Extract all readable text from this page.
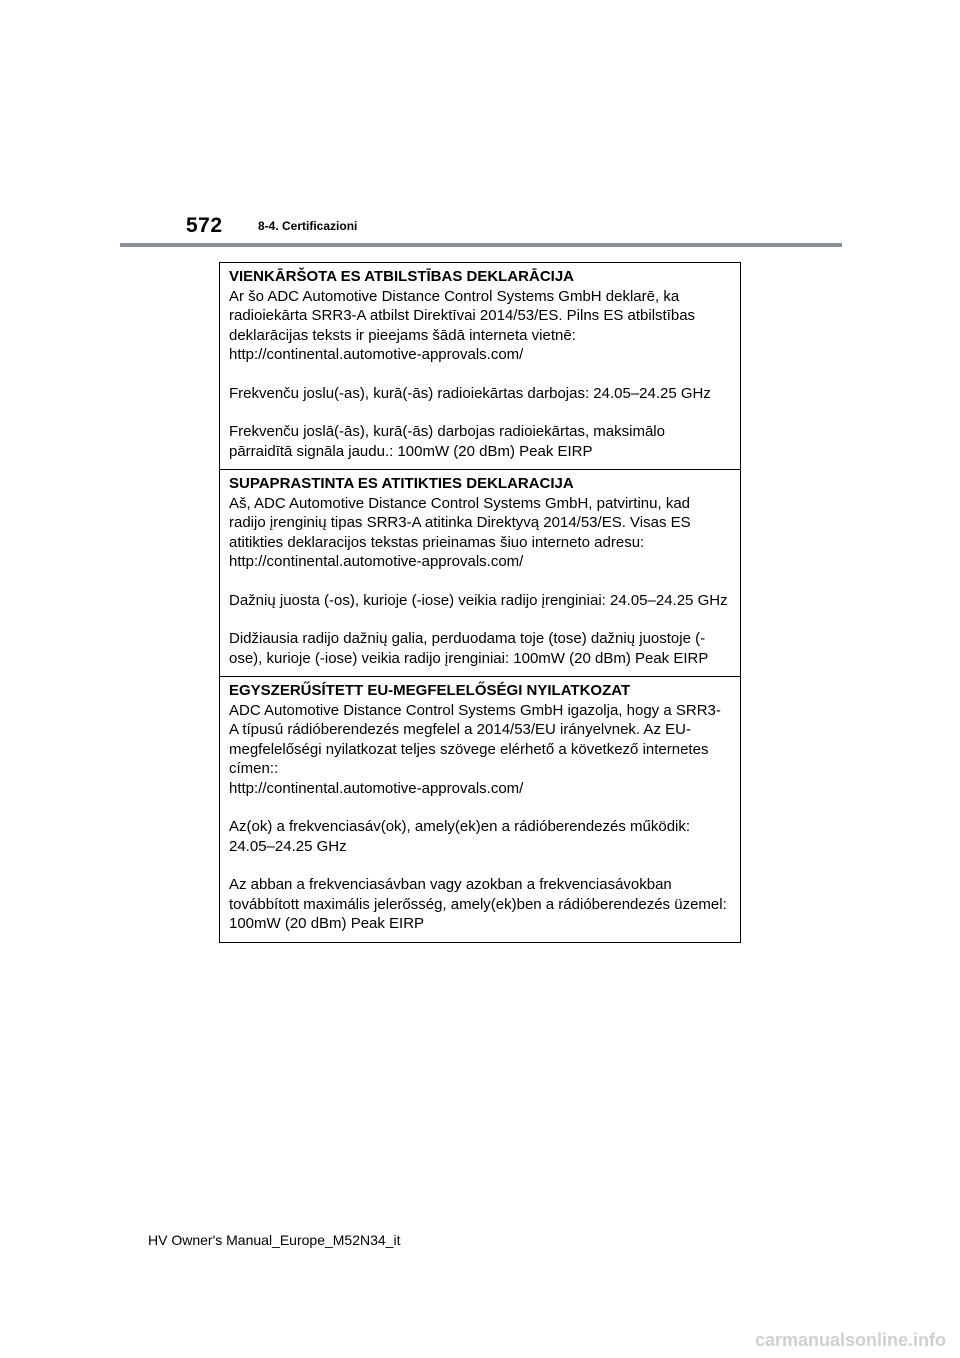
572	8-4. Certificazioni

VIENKĀRŠOTA ES ATBILSTĪBAS DEKLARĀCIJA

Ar šo ADC Automotive Distance Control Systems GmbH deklarē, ka radioiekārta SRR3-A atbilst Direktīvai 2014/53/ES. Pilns ES atbilstības deklarācijas teksts ir pieejams šādā interneta vietnē:

http://continental.automotive-approvals.com/

Frekvenču joslu(-as), kurā(-ās) radioiekārtas darbojas: 24.05–24.25 GHz

Frekvenču joslā(-ās), kurā(-ās) darbojas radioiekārtas, maksimālo pārraidītā signāla jaudu.: 100mW (20 dBm) Peak EIRP

SUPAPRASTINTA ES ATITIKTIES DEKLARACIJA

Aš, ADC Automotive Distance Control Systems GmbH, patvirtinu, kad radijo įrenginių tipas SRR3-A atitinka Direktyvą 2014/53/ES. Visas ES atitikties deklaracijos tekstas prieinamas šiuo interneto adresu:

http://continental.automotive-approvals.com/

Dažnių juosta (-os), kurioje (-iose) veikia radijo įrenginiai: 24.05–24.25 GHz

Didžiausia radijo dažnių galia, perduodama toje (tose) dažnių juostoje (-ose), kurioje (-iose) veikia radijo įrenginiai: 100mW (20 dBm) Peak EIRP

EGYSZERŰSÍTETT EU-MEGFELELŐSÉGI NYILATKOZAT

ADC Automotive Distance Control Systems GmbH igazolja, hogy a SRR3-A típusú rádióberendezés megfelel a 2014/53/EU irányelvnek. Az EU-megfelelőségi nyilatkozat teljes szövege elérhető a következő internetes címen::

http://continental.automotive-approvals.com/

Az(ok) a frekvenciasáv(ok), amely(ek)en a rádióberendezés működik: 24.05–24.25 GHz

Az abban a frekvenciasávban vagy azokban a frekvenciasávokban továbbított maximális jelerősség, amely(ek)ben a rádióberendezés üzemel: 100mW (20 dBm) Peak EIRP

HV Owner's Manual_Europe_M52N34_it
carmanualsonline.info
